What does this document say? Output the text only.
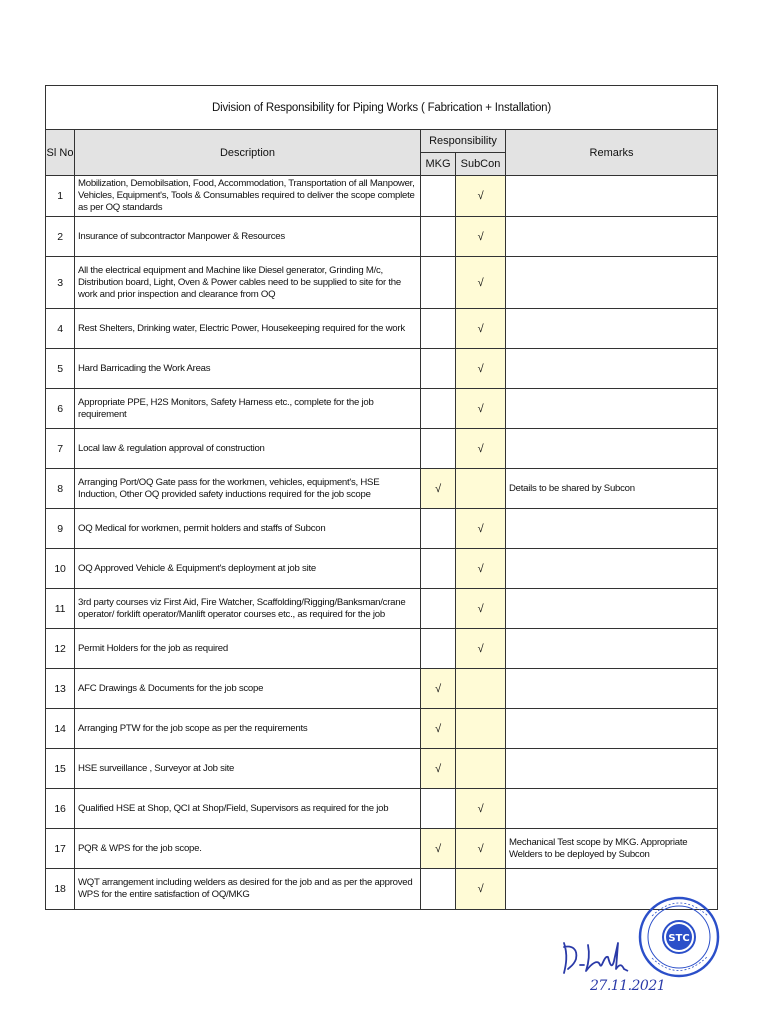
Division of Responsibility for Piping Works ( Fabrication + Installation)				
Sl No	Description	Responsibility		Remarks
		MKG	SubCon	
1	Mobilization, Demobilsation, Food, Accommodation, Transportation of all Manpower, Vehicles, Equipment's, Tools & Consumables required to deliver the scope complete as per OQ standards		√	
2	Insurance of subcontractor Manpower & Resources		√	
3	All the electrical equipment and Machine like Diesel generator, Grinding M/c, Distribution board, Light, Oven & Power cables need to be supplied to site for the work and prior inspection and clearance from OQ		√	
4	Rest Shelters, Drinking water, Electric Power, Housekeeping required for the work		√	
5	Hard Barricading the Work Areas		√	
6	Appropriate PPE, H2S Monitors, Safety Harness etc., complete for the job requirement		√	
7	Local law & regulation approval of construction		√	
8	Arranging Port/OQ Gate pass for the workmen, vehicles, equipment's, HSE Induction, Other OQ provided safety inductions required for the job scope	√		Details to be shared by Subcon
9	OQ Medical for workmen, permit holders and staffs of Subcon		√	
10	OQ Approved Vehicle & Equipment's deployment at job site		√	
11	3rd party courses viz First Aid, Fire Watcher, Scaffolding/Rigging/Banksman/crane operator/ forklift operator/Manlift operator courses etc., as required for the job		√	
12	Permit Holders for the job as required		√	
13	AFC Drawings & Documents for the job scope	√		
14	Arranging PTW for the job scope as per the requirements	√		
15	HSE surveillance , Surveyor at Job site	√		
16	Qualified HSE at Shop, QCI at Shop/Field, Supervisors as required for the job		√	
17	PQR & WPS for the job scope.	√	√	Mechanical Test scope by MKG. Appropriate Welders to be deployed by Subcon
18	WQT arrangement including welders as desired for the job and as per the approved WPS for the entire satisfaction of OQ/MKG		√	
STC
27.11.2021
